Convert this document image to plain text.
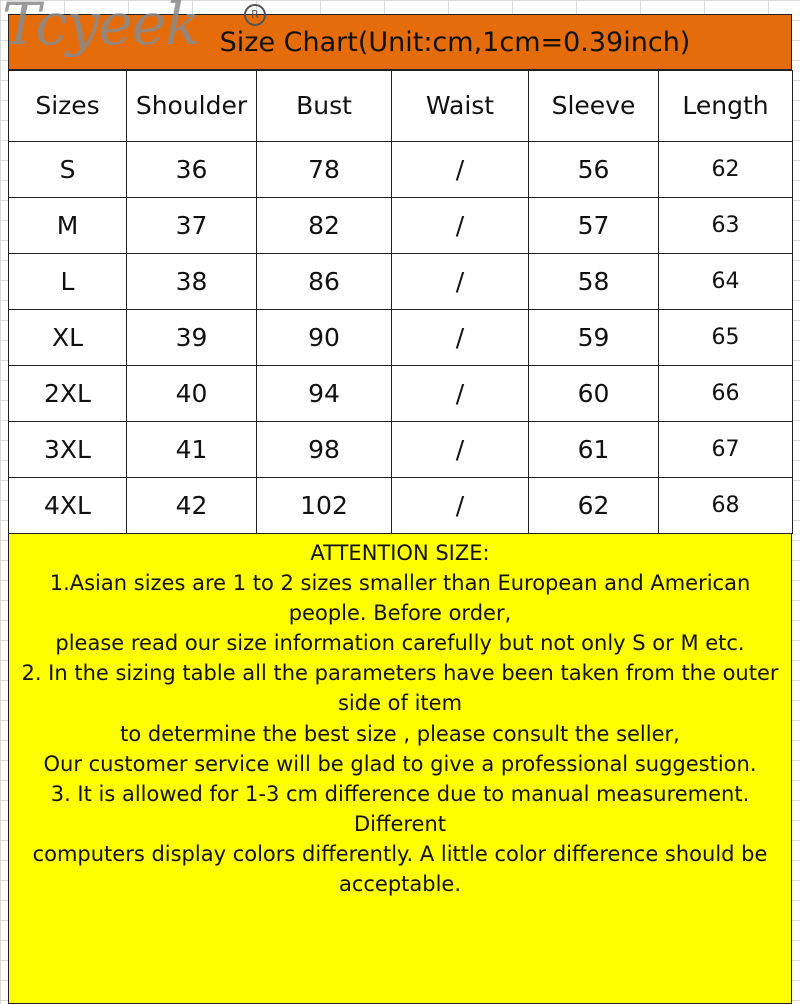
Size Chart(Unit:cm,1cm=0.39inch)
Sizes	Shoulder	Bust	Waist	Sleeve	Length
S	36	78	/	56	62
M	37	82	/	57	63
L	38	86	/	58	64
XL	39	90	/	59	65
2XL	40	94	/	60	66
3XL	41	98	/	61	67
4XL	42	102	/	62	68
ATTENTION SIZE:
1.Asian sizes are 1 to 2 sizes smaller than European and American people. Before order,
please read our size information carefully but not only S or M etc.
2. In the sizing table all the parameters have been taken from the outer side of item
to determine the best size , please consult the seller,
Our customer service will be glad to give a professional suggestion.
3. It is allowed for 1-3 cm difference due to manual measurement. Different
computers display colors differently. A little color difference should be acceptable.
Tcyeek	R
